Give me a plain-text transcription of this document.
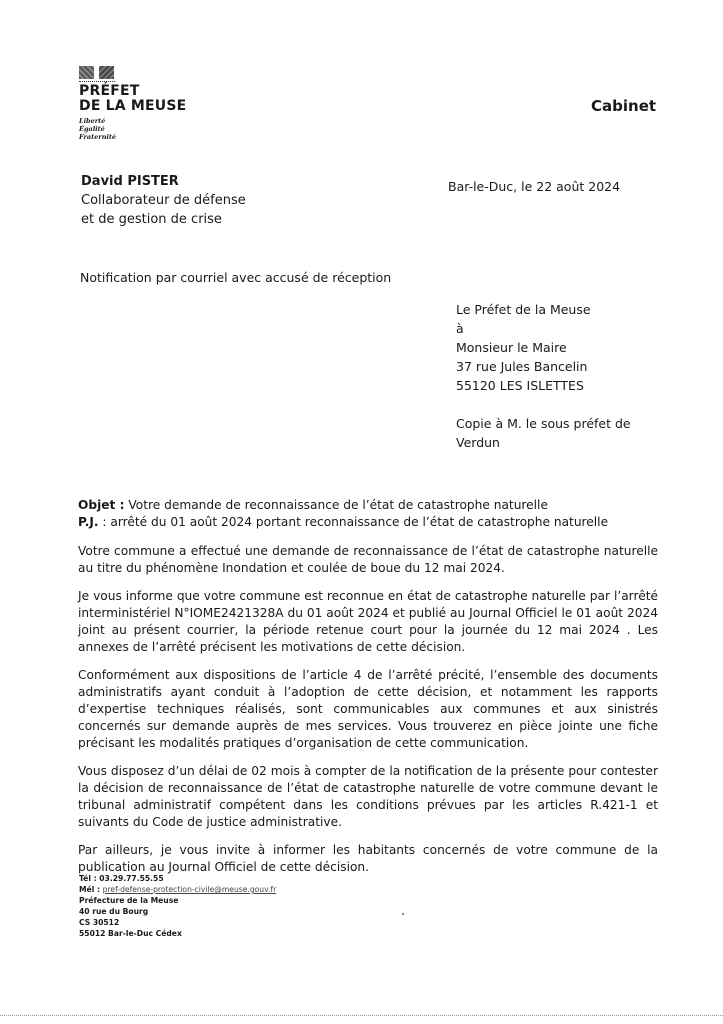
PRÉFET
DE LA MEUSE
Liberté
Égalité
Fraternité
Cabinet
David PISTER
Collaborateur de défense
et de gestion de crise
Bar-le-Duc, le 22 août 2024
Notification par courriel avec accusé de réception
Le Préfet de la Meuse
à
Monsieur le Maire
37 rue Jules Bancelin
55120 LES ISLETTES
Copie à M. le sous préfet de
Verdun

Objet : Votre demande de reconnaissance de l’état de catastrophe naturelle

P.J. : arrêté du 01 août 2024 portant reconnaissance de l’état de catastrophe naturelle

Votre commune a effectué une demande de reconnaissance de l’état de catastrophe naturelle au titre du phénomène Inondation et coulée de boue du 12 mai 2024.

Je vous informe que votre commune est reconnue en état de catastrophe naturelle par l’arrêté interministériel N°IOME2421328A du 01 août 2024 et publié au Journal Officiel le 01 août 2024 joint au présent courrier, la période retenue court pour la journée du 12 mai 2024 . Les annexes de l’arrêté précisent les motivations de cette décision.

Conformément aux dispositions de l’article 4 de l’arrêté précité, l’ensemble des documents administratifs ayant conduit à l’adoption de cette décision, et notamment les rapports d’expertise techniques réalisés, sont communicables aux communes et aux sinistrés concernés sur demande auprès de mes services. Vous trouverez en pièce jointe une fiche précisant les modalités pratiques d’organisation de cette communication.

Vous disposez d’un délai de 02 mois à compter de la notification de la présente pour contester la décision de reconnaissance de l’état de catastrophe naturelle de votre commune devant le tribunal administratif compétent dans les conditions prévues par les articles R.421-1 et suivants du Code de justice administrative.

Par ailleurs, je vous invite à informer les habitants concernés de votre commune de la publication au Journal Officiel de cette décision.

Tél : 03.29.77.55.55
Mél : pref-defense-protection-civile@meuse.gouv.fr
Préfecture de la Meuse
40 rue du Bourg
CS 30512
55012 Bar-le-Duc Cédex
